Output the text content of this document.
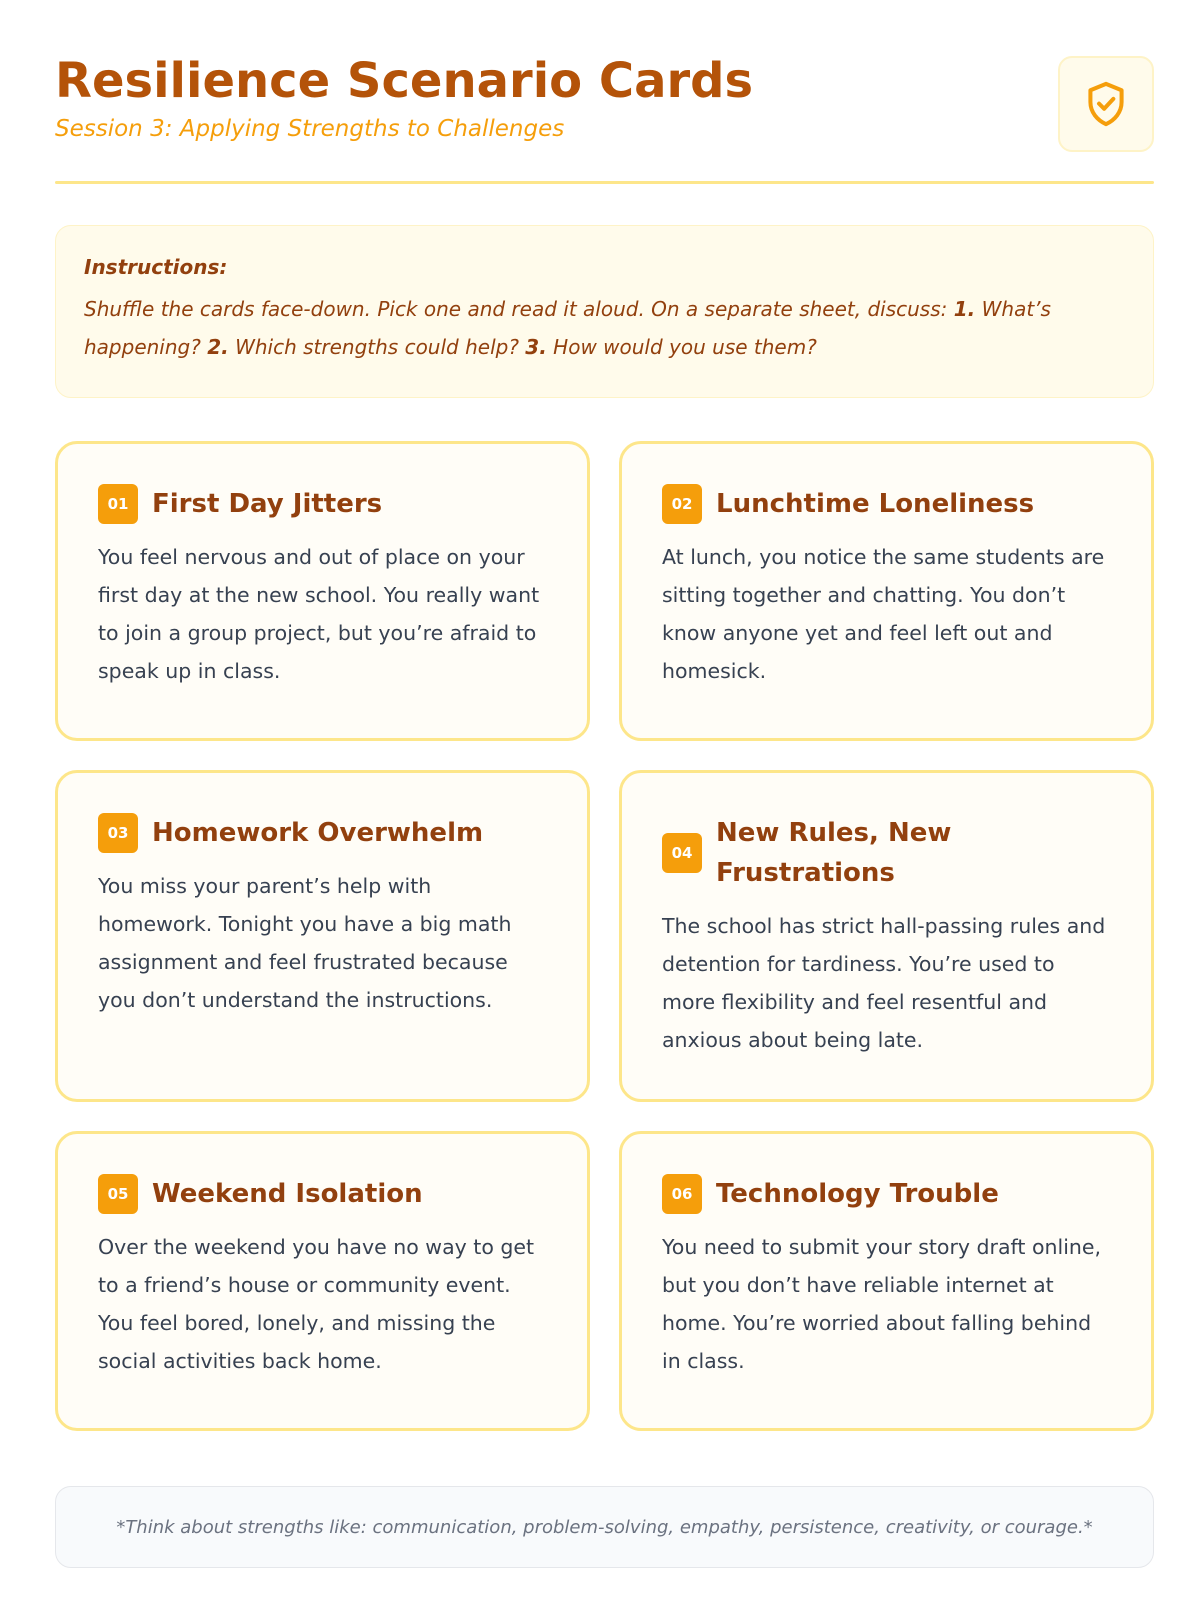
Resilience Scenario Cards
Session 3: Applying Strengths to Challenges
Instructions:
Shuffle the cards face-down. Pick one and read it aloud. On a separate sheet, discuss: 1. What’s happening? 2. Which strengths could help? 3. How would you use them?
01 First Day Jitters
You feel nervous and out of place on your first day at the new school. You really want to join a group project, but you’re afraid to speak up in class.
02 Lunchtime Loneliness
At lunch, you notice the same students are sitting together and chatting. You don’t know anyone yet and feel left out and homesick.
03 Homework Overwhelm
You miss your parent’s help with homework. Tonight you have a big math assignment and feel frustrated because you don’t understand the instructions.
04
New Rules, New Frustrations
The school has strict hall-passing rules and detention for tardiness. You’re used to more flexibility and feel resentful and anxious about being late.
05 Weekend Isolation
Over the weekend you have no way to get to a friend’s house or community event. You feel bored, lonely, and missing the social activities back home.
06 Technology Trouble
You need to submit your story draft online, but you don’t have reliable internet at home. You’re worried about falling behind in class.
*Think about strengths like: communication, problem-solving, empathy, persistence, creativity, or courage.*
